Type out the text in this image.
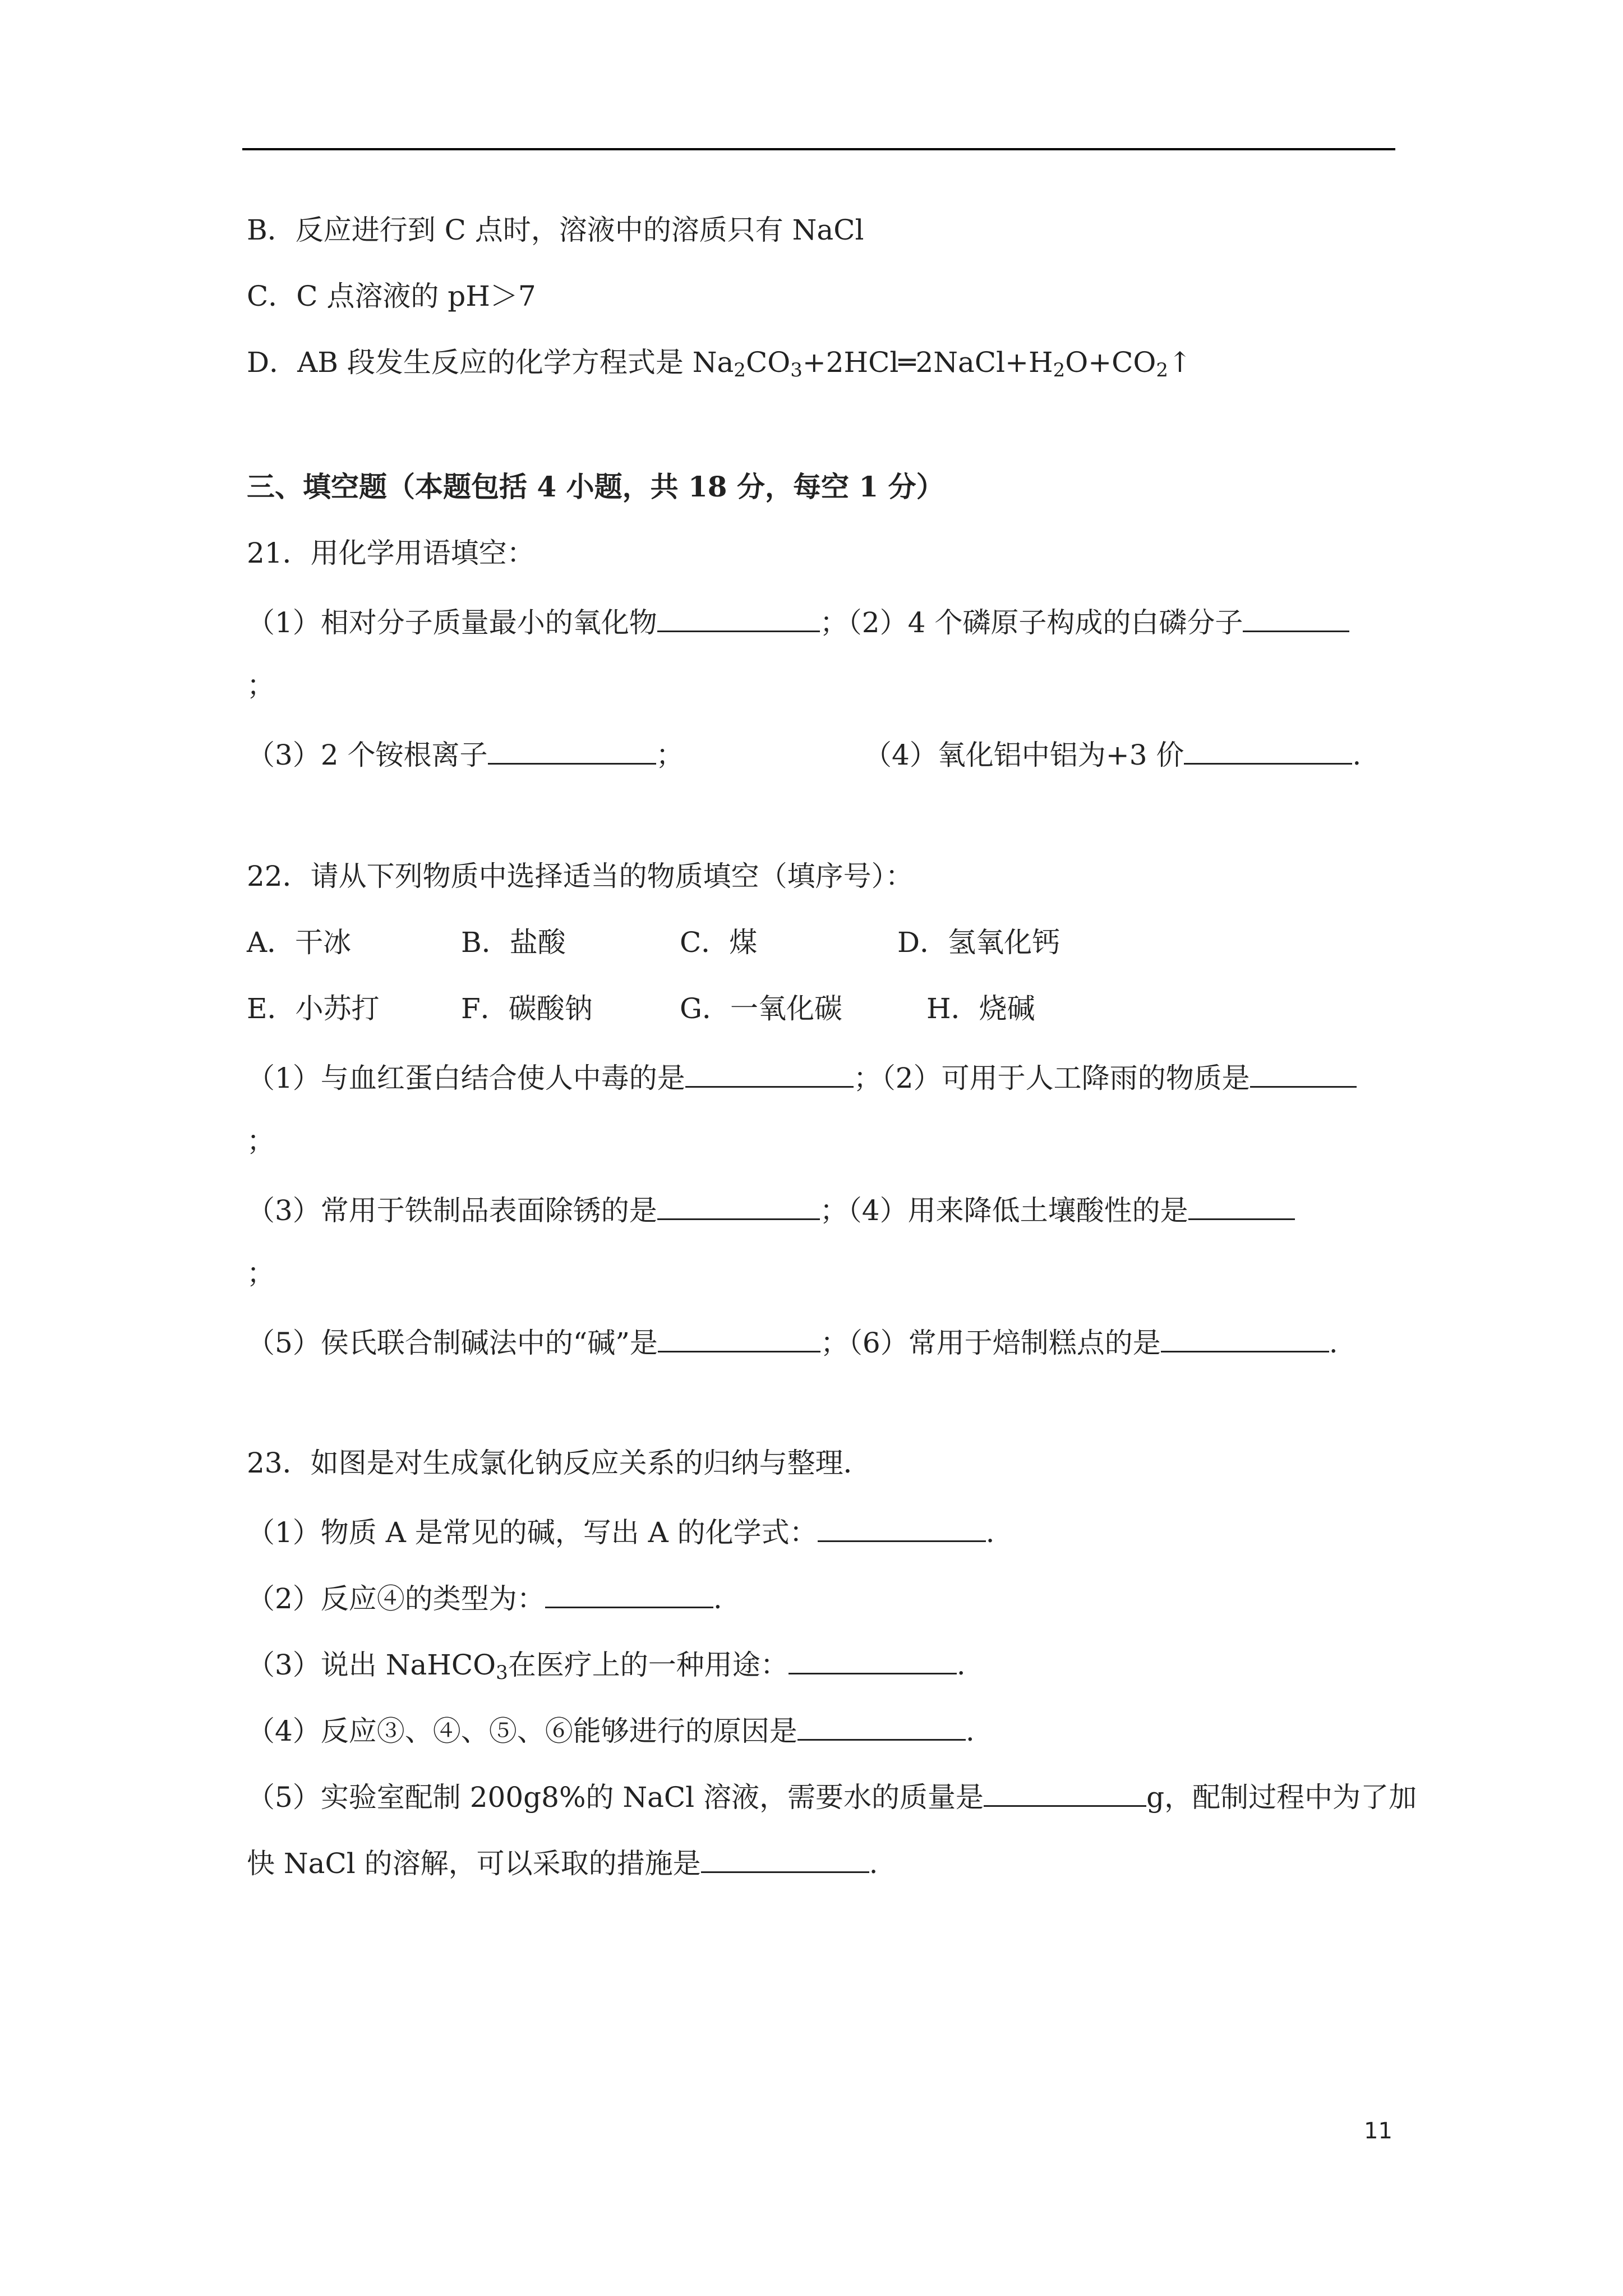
B．反应进行到 C 点时，溶液中的溶质只有 NaCl
C．C 点溶液的 pH＞7
D．AB 段发生反应的化学方程式是 $Na_2CO_3+2HCl═2NaCl+H_2O+CO_2↑$
三、填空题（本题包括 4 小题，共 18 分，每空 1 分）
21．用化学用语填空：
（1）相对分子质量最小的氧化物	；（2）4 个磷原子构成的白磷分子
；
（3）2 个铵根离子	；	（4）氧化铝中铝为+3 价	.
22．请从下列物质中选择适当的物质填空（填序号）：
A．干冰	B．盐酸	C．煤	D．氢氧化钙
E．小苏打	F．碳酸钠	G．一氧化碳	H．烧碱
（1）与血红蛋白结合使人中毒的是	；（2）可用于人工降雨的物质是
；
（3）常用于铁制品表面除锈的是	；（4）用来降低土壤酸性的是
；
（5）侯氏联合制碱法中的“碱”是	；（6）常用于焙制糕点的是	.
23．如图是对生成氯化钠反应关系的归纳与整理．
（1）物质 A 是常见的碱，写出 A 的化学式：	.
（2）反应④的类型为：	.
（3）说出 NaHCO$_3$在医疗上的一种用途：	.
（4）反应③、④、⑤、⑥能够进行的原因是	.
（5）实验室配制 200g8%的 NaCl 溶液，需要水的质量是	g，配制过程中为了加
快 NaCl 的溶解，可以采取的措施是	.
11
